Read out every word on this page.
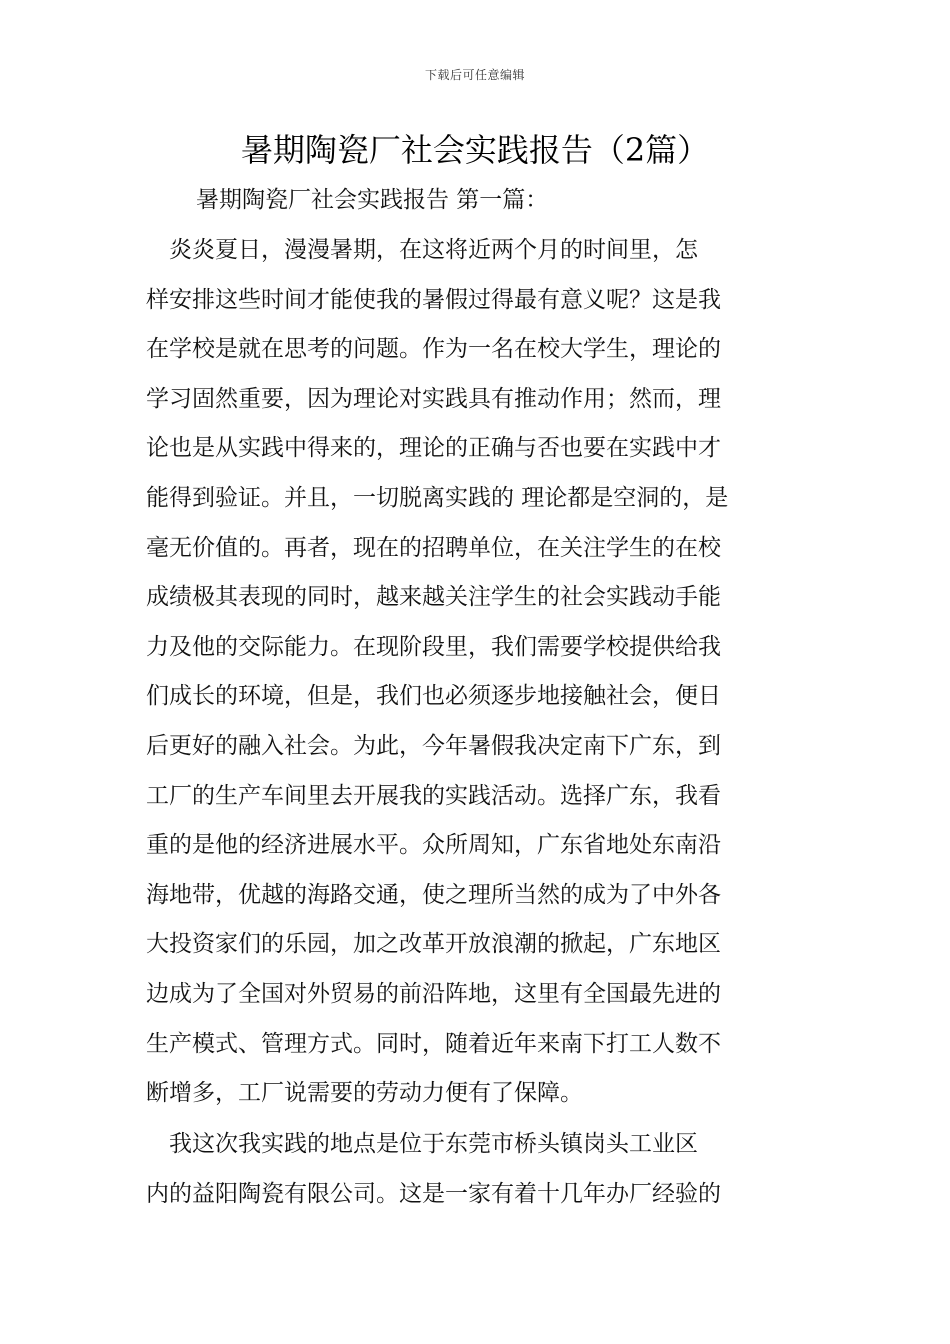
下载后可任意编辑
暑期陶瓷厂社会实践报告（2篇）
暑期陶瓷厂社会实践报告 第一篇：
　炎炎夏日，漫漫暑期，在这将近两个月的时间里，怎
样安排这些时间才能使我的暑假过得最有意义呢？这是我
在学校是就在思考的问题。作为一名在校大学生，理论的
学习固然重要，因为理论对实践具有推动作用；然而，理
论也是从实践中得来的，理论的正确与否也要在实践中才
能得到验证。并且，一切脱离实践的 理论都是空洞的，是
毫无价值的。再者，现在的招聘单位，在关注学生的在校
成绩极其表现的同时，越来越关注学生的社会实践动手能
力及他的交际能力。在现阶段里，我们需要学校提供给我
们成长的环境，但是，我们也必须逐步地接触社会，便日
后更好的融入社会。为此，今年暑假我决定南下广东，到
工厂的生产车间里去开展我的实践活动。选择广东，我看
重的是他的经济进展水平。众所周知，广东省地处东南沿
海地带，优越的海路交通，使之理所当然的成为了中外各
大投资家们的乐园，加之改革开放浪潮的掀起，广东地区
边成为了全国对外贸易的前沿阵地，这里有全国最先进的
生产模式、管理方式。同时，随着近年来南下打工人数不
断增多，工厂说需要的劳动力便有了保障。
　我这次我实践的地点是位于东莞市桥头镇岗头工业区
内的益阳陶瓷有限公司。这是一家有着十几年办厂经验的
